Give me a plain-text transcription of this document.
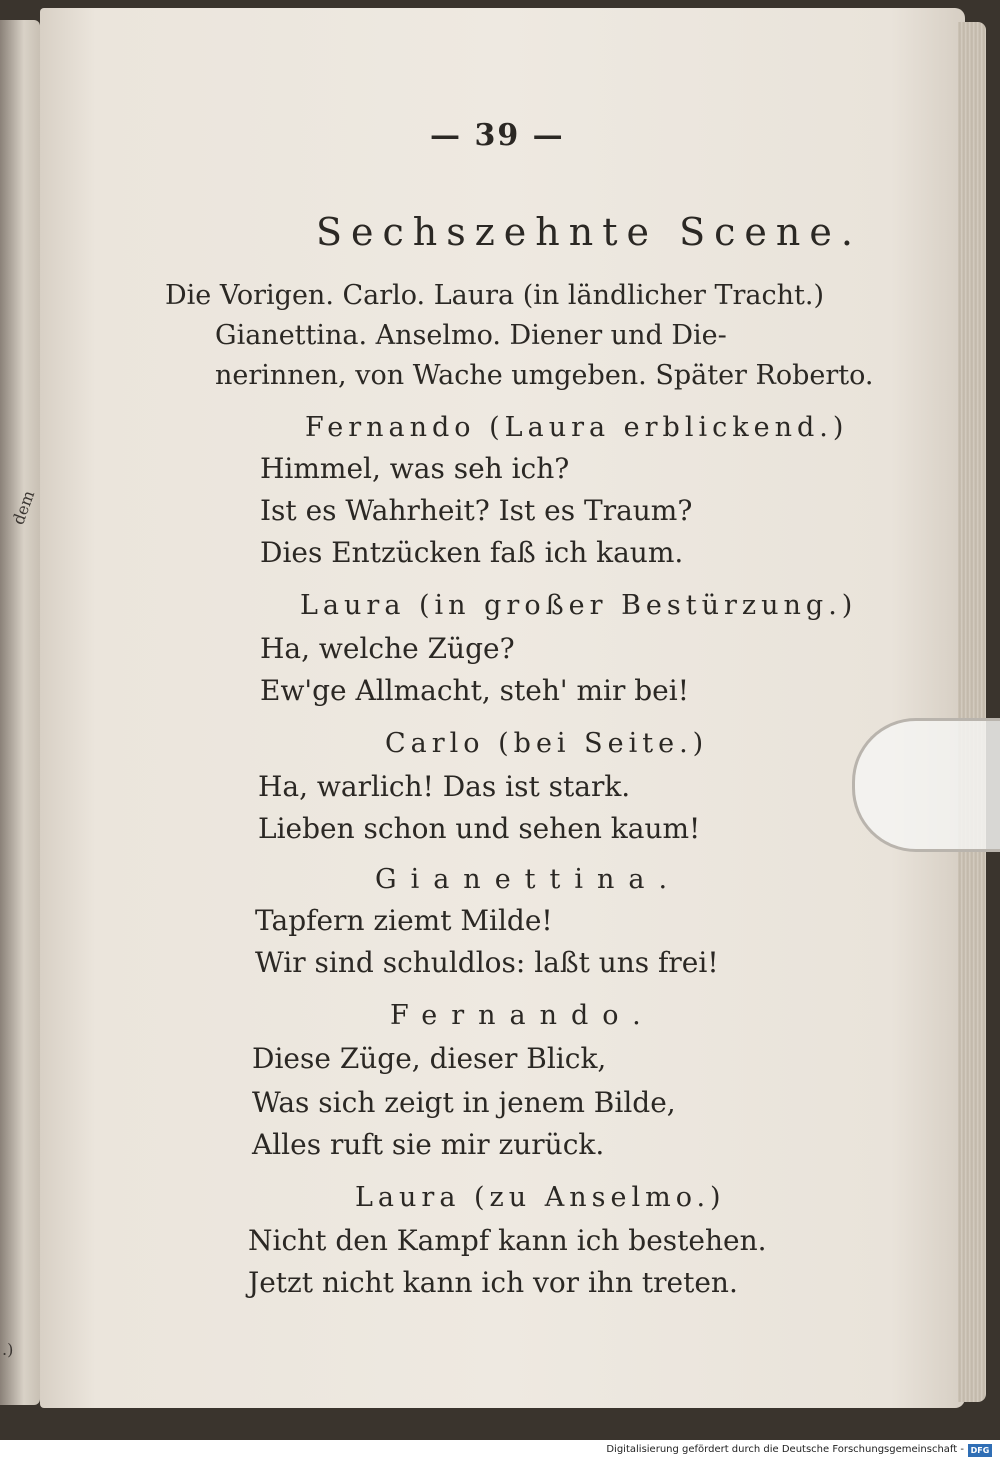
dem
.)
— 39 —
Sechszehnte Scene.
Die Vorigen. Carlo. Laura (in ländlicher Tracht.)
Gianettina. Anselmo. Diener und Die-
nerinnen, von Wache umgeben. Später Roberto.
Fernando (Laura erblickend.)
Himmel, was seh ich?
Ist es Wahrheit? Ist es Traum?
Dies Entzücken faß ich kaum.
Laura (in großer Bestürzung.)
Ha, welche Züge?
Ew'ge Allmacht, steh' mir bei!
Carlo (bei Seite.)
Ha, warlich! Das ist stark.
Lieben schon und sehen kaum!
Gianettina.
Tapfern ziemt Milde!
Wir sind schuldlos: laßt uns frei!
Fernando.
Diese Züge, dieser Blick,
Was sich zeigt in jenem Bilde,
Alles ruft sie mir zurück.
Laura (zu Anselmo.)
Nicht den Kampf kann ich bestehen.
Jetzt nicht kann ich vor ihn treten.
Digitalisierung gefördert durch die Deutsche Forschungsgemeinschaft - DFG
